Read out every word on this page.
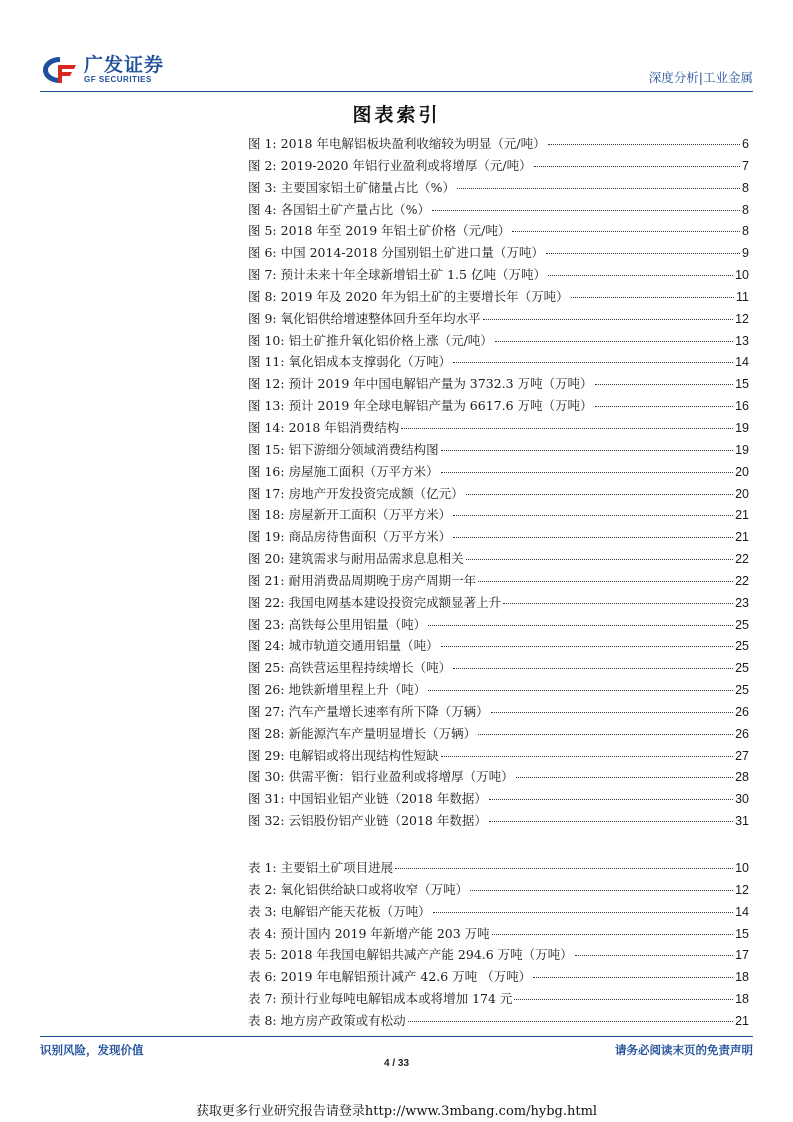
广发证券
GF SECURITIES	深度分析|工业金属
图表索引
图 1: 2018 年电解铝板块盈利收缩较为明显（元/吨）	6
图 2: 2019-2020 年铝行业盈利或将增厚（元/吨）	7
图 3: 主要国家铝土矿储量占比（%）	8
图 4: 各国铝土矿产量占比（%）	8
图 5: 2018 年至 2019 年铝土矿价格（元/吨）	8
图 6: 中国 2014-2018 分国别铝土矿进口量（万吨）	9
图 7: 预计未来十年全球新增铝土矿 1.5 亿吨（万吨）	10
图 8: 2019 年及 2020 年为铝土矿的主要增长年（万吨）	11
图 9: 氧化铝供给增速整体回升至年均水平	12
图 10: 铝土矿推升氧化铝价格上涨（元/吨）	13
图 11: 氧化铝成本支撑弱化（万吨）	14
图 12: 预计 2019 年中国电解铝产量为 3732.3 万吨（万吨）	15
图 13: 预计 2019 年全球电解铝产量为 6617.6 万吨（万吨）	16
图 14: 2018 年铝消费结构	19
图 15: 铝下游细分领域消费结构图	19
图 16: 房屋施工面积（万平方米）	20
图 17: 房地产开发投资完成额（亿元）	20
图 18: 房屋新开工面积（万平方米）	21
图 19: 商品房待售面积（万平方米）	21
图 20: 建筑需求与耐用品需求息息相关	22
图 21: 耐用消费品周期晚于房产周期一年	22
图 22: 我国电网基本建设投资完成额显著上升	23
图 23: 高铁每公里用铝量（吨）	25
图 24: 城市轨道交通用铝量（吨）	25
图 25: 高铁营运里程持续增长（吨）	25
图 26: 地铁新增里程上升（吨）	25
图 27: 汽车产量增长速率有所下降（万辆）	26
图 28: 新能源汽车产量明显增长（万辆）	26
图 29: 电解铝或将出现结构性短缺	27
图 30: 供需平衡：铝行业盈利或将增厚（万吨）	28
图 31: 中国铝业铝产业链（2018 年数据）	30
图 32: 云铝股份铝产业链（2018 年数据）	31
表 1: 主要铝土矿项目进展	10
表 2: 氧化铝供给缺口或将收窄（万吨）	12
表 3: 电解铝产能天花板（万吨）	14
表 4: 预计国内 2019 年新增产能 203 万吨	15
表 5: 2018 年我国电解铝共减产产能 294.6 万吨（万吨）	17
表 6: 2019 年电解铝预计减产 42.6 万吨 （万吨）	18
表 7: 预计行业每吨电解铝成本或将增加 174 元	18
表 8: 地方房产政策或有松动	21
识别风险，发现价值	请务必阅读末页的免责声明
4 / 33
获取更多行业研究报告请登录http://www.3mbang.com/hybg.html
